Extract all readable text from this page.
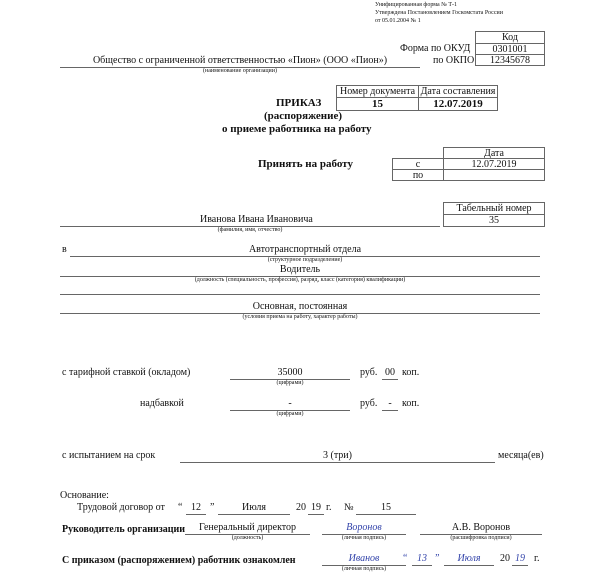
Унифицированная форма № Т-1
Утверждена Постановлением Госкомстата России
от 05.01.2004 № 1
Код
Форма по ОКУД	0301001
по ОКПО	12345678
Общество с ограниченной ответственностью «Пион» (ООО «Пион»)
(наименование организации)
Номер документа Дата составления
15	12.07.2019
ПРИКАЗ
(распоряжение)
о приеме работника на работу
Принять на работу
Дата
с	12.07.2019
по
Табельный номер
35
Иванова Ивана Ивановича
(фамилия, имя, отчество)
в	Автотранспортный отдела
(структурное подразделение)
Водитель
(должность (специальность, профессия), разряд, класс (категория) квалификации)
Основная, постоянная
(условия приема на работу, характер работы)
с тарифной ставкой (окладом)	35000
(цифрами)
руб. 00 коп.
надбавкой	-
(цифрами)
руб.	-	коп.
с испытанием на срок	3 (три)	месяца(ев)
Основание:
Трудовой договор от “ 12 ”	Июля	20 19 г. №	15
Руководитель организации	Генеральный директор
(должность)
Воронов
(личная подпись)
А.В. Воронов
(расшифровка подписи)
С приказом (распоряжением) работник ознакомлен	Иванов
(личная подпись)
“ 13 ”	Июля	20 19 г.
